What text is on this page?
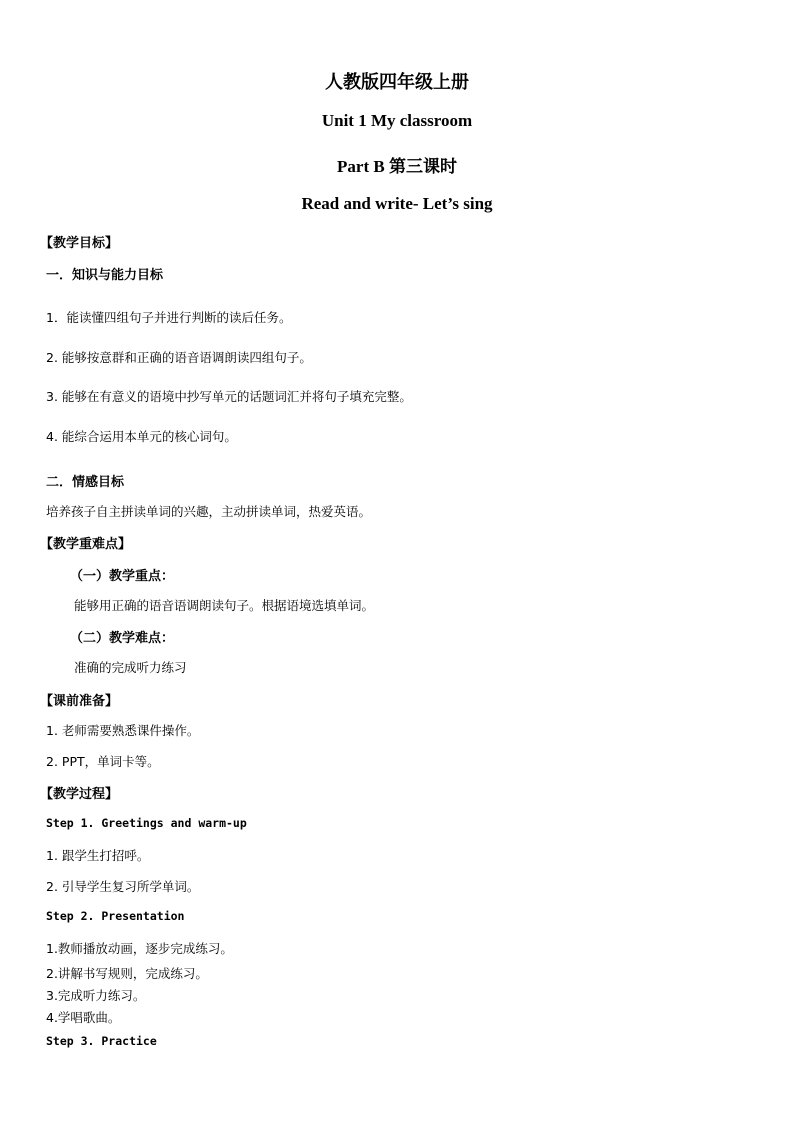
人教版四年级上册
Unit 1 My classroom
Part B 第三课时
Read and write- Let’s sing
【教学目标】
一．知识与能力目标
1．能读懂四组句子并进行判断的读后任务。
2. 能够按意群和正确的语音语调朗读四组句子。
3. 能够在有意义的语境中抄写单元的话题词汇并将句子填充完整。
4. 能综合运用本单元的核心词句。
二．情感目标
培养孩子自主拼读单词的兴趣，主动拼读单词，热爱英语。
【教学重难点】
（一）教学重点：
能够用正确的语音语调朗读句子。根据语境选填单词。
（二）教学难点：
准确的完成听力练习
【课前准备】
1. 老师需要熟悉课件操作。
2. PPT，单词卡等。
【教学过程】
Step 1. Greetings and warm-up
1. 跟学生打招呼。
2. 引导学生复习所学单词。
Step 2. Presentation
1.教师播放动画，逐步完成练习。
2.讲解书写规则，完成练习。
3.完成听力练习。
4.学唱歌曲。
Step 3. Practice
